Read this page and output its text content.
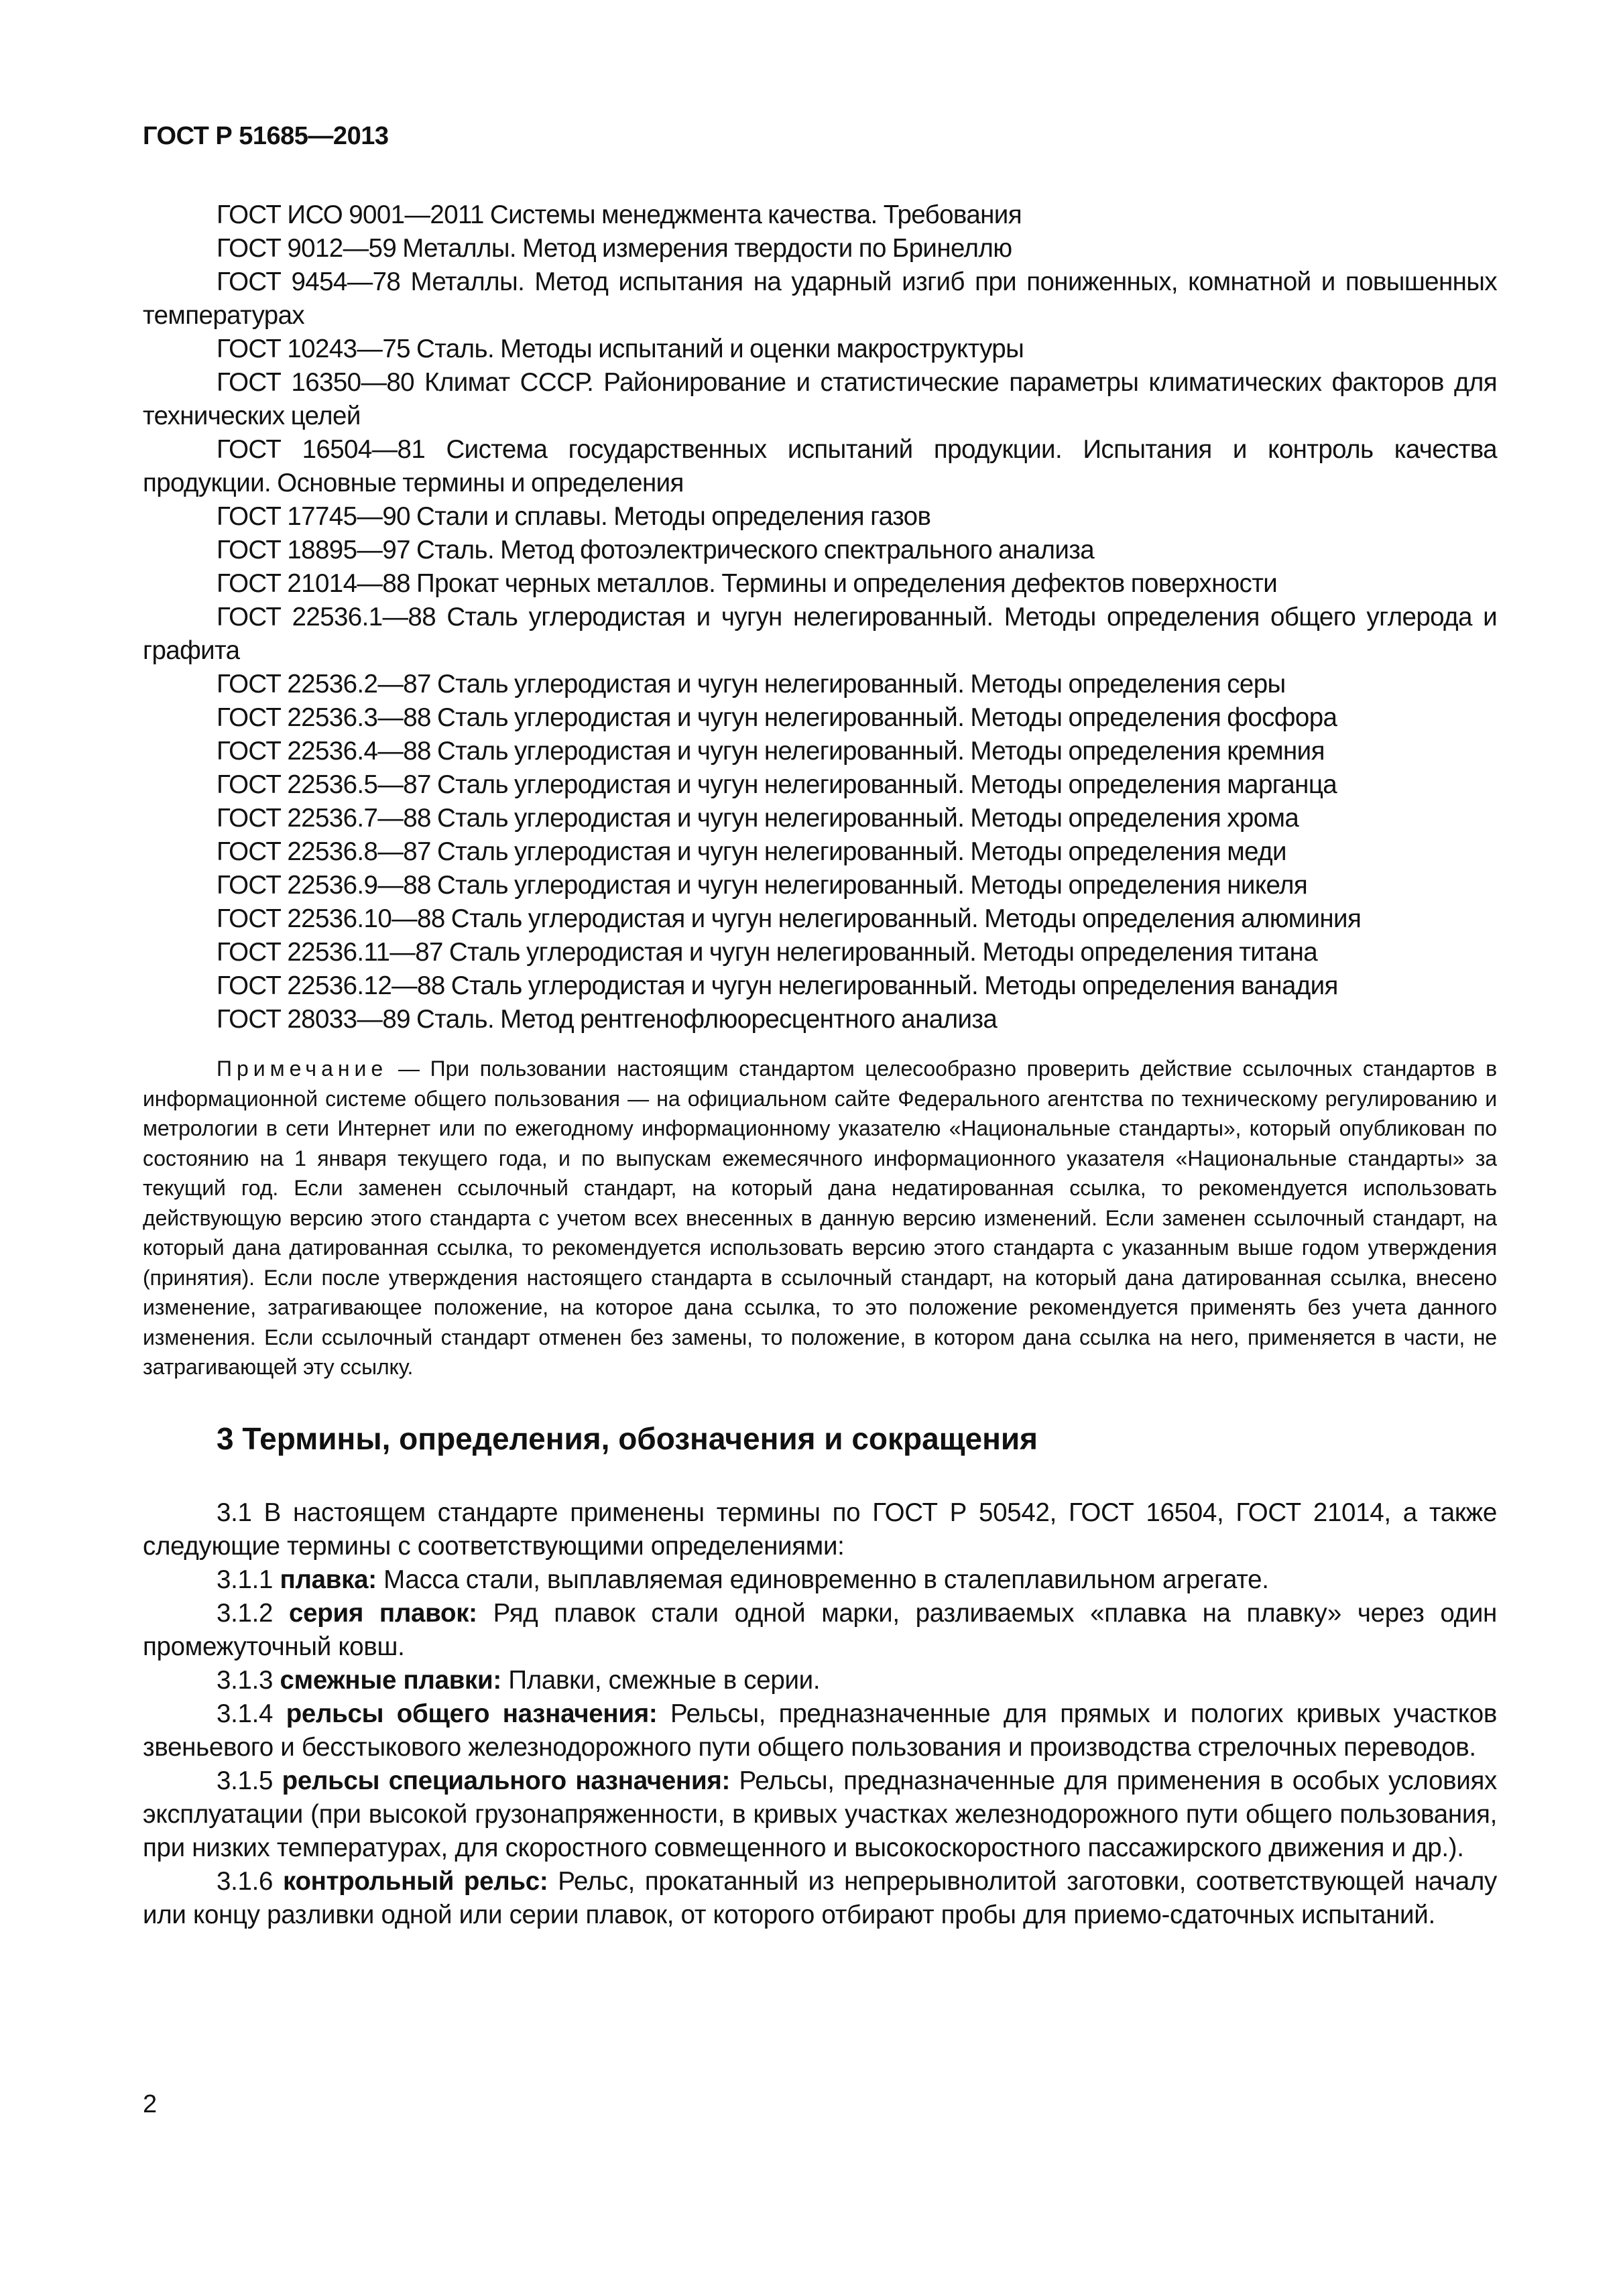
ГОСТ Р 51685—2013
ГОСТ ИСО 9001—2011 Системы менеджмента качества. Требования
ГОСТ 9012—59 Металлы. Метод измерения твердости по Бринеллю
ГОСТ 9454—78 Металлы. Метод испытания на ударный изгиб при пониженных, комнатной и повышенных температурах
ГОСТ 10243—75 Сталь. Методы испытаний и оценки макроструктуры
ГОСТ 16350—80 Климат СССР. Районирование и статистические параметры климатических факторов для технических целей
ГОСТ 16504—81 Система государственных испытаний продукции. Испытания и контроль качества продукции. Основные термины и определения
ГОСТ 17745—90 Стали и сплавы. Методы определения газов
ГОСТ 18895—97 Сталь. Метод фотоэлектрического спектрального анализа
ГОСТ 21014—88 Прокат черных металлов. Термины и определения дефектов поверхности
ГОСТ 22536.1—88 Сталь углеродистая и чугун нелегированный. Методы определения общего углерода и графита
ГОСТ 22536.2—87 Сталь углеродистая и чугун нелегированный. Методы определения серы
ГОСТ 22536.3—88 Сталь углеродистая и чугун нелегированный. Методы определения фосфора
ГОСТ 22536.4—88 Сталь углеродистая и чугун нелегированный. Методы определения кремния
ГОСТ 22536.5—87 Сталь углеродистая и чугун нелегированный. Методы определения марганца
ГОСТ 22536.7—88 Сталь углеродистая и чугун нелегированный. Методы определения хрома
ГОСТ 22536.8—87 Сталь углеродистая и чугун нелегированный. Методы определения меди
ГОСТ 22536.9—88 Сталь углеродистая и чугун нелегированный. Методы определения никеля
ГОСТ 22536.10—88 Сталь углеродистая и чугун нелегированный. Методы определения алюминия
ГОСТ 22536.11—87 Сталь углеродистая и чугун нелегированный. Методы определения титана
ГОСТ 22536.12—88 Сталь углеродистая и чугун нелегированный. Методы определения ванадия
ГОСТ 28033—89 Сталь. Метод рентгенофлюоресцентного анализа
Примечание — При пользовании настоящим стандартом целесообразно проверить действие ссылочных стандартов в информационной системе общего пользования — на официальном сайте Федерального агентства по техническому регулированию и метрологии в сети Интернет или по ежегодному информационному указателю «Национальные стандарты», который опубликован по состоянию на 1 января текущего года, и по выпускам ежемесячного информационного указателя «Национальные стандарты» за текущий год. Если заменен ссылочный стандарт, на который дана недатированная ссылка, то рекомендуется использовать действующую версию этого стандарта с учетом всех внесенных в данную версию изменений. Если заменен ссылочный стандарт, на который дана датированная ссылка, то рекомендуется использовать версию этого стандарта с указанным выше годом утверждения (принятия). Если после утверждения настоящего стандарта в ссылочный стандарт, на который дана датированная ссылка, внесено изменение, затрагивающее положение, на которое дана ссылка, то это положение рекомендуется применять без учета данного изменения. Если ссылочный стандарт отменен без замены, то положение, в котором дана ссылка на него, применяется в части, не затрагивающей эту ссылку.
3 Термины, определения, обозначения и сокращения
3.1 В настоящем стандарте применены термины по ГОСТ Р 50542, ГОСТ 16504, ГОСТ 21014, а также следующие термины с соответствующими определениями:
3.1.1 плавка: Масса стали, выплавляемая единовременно в сталеплавильном агрегате.
3.1.2 серия плавок: Ряд плавок стали одной марки, разливаемых «плавка на плавку» через один промежуточный ковш.
3.1.3 смежные плавки: Плавки, смежные в серии.
3.1.4 рельсы общего назначения: Рельсы, предназначенные для прямых и пологих кривых участков звеньевого и бесстыкового железнодорожного пути общего пользования и производства стрелочных переводов.
3.1.5 рельсы специального назначения: Рельсы, предназначенные для применения в особых условиях эксплуатации (при высокой грузонапряженности, в кривых участках железнодорожного пути общего пользования, при низких температурах, для скоростного совмещенного и высокоскоростного пассажирского движения и др.).
3.1.6 контрольный рельс: Рельс, прокатанный из непрерывнолитой заготовки, соответствующей началу или концу разливки одной или серии плавок, от которого отбирают пробы для приемо-сдаточных испытаний.
2
